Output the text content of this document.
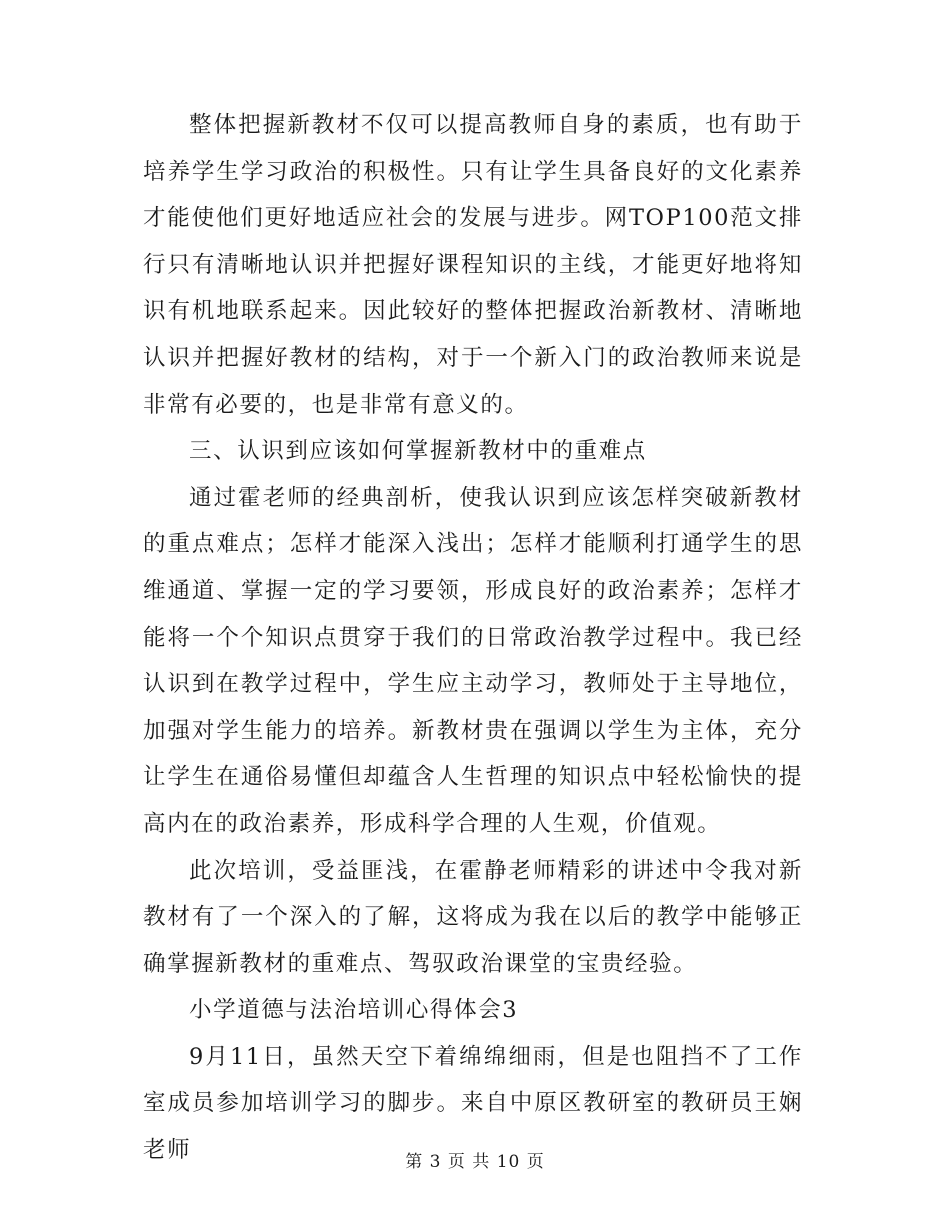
整体把握新教材不仅可以提高教师自身的素质，也有助于培养学生学习政治的积极性。只有让学生具备良好的文化素养才能使他们更好地适应社会的发展与进步。网TOP100范文排行只有清晰地认识并把握好课程知识的主线，才能更好地将知识有机地联系起来。因此较好的整体把握政治新教材、清晰地认识并把握好教材的结构，对于一个新入门的政治教师来说是非常有必要的，也是非常有意义的。

三、认识到应该如何掌握新教材中的重难点

通过霍老师的经典剖析，使我认识到应该怎样突破新教材的重点难点；怎样才能深入浅出；怎样才能顺利打通学生的思维通道、掌握一定的学习要领，形成良好的政治素养；怎样才能将一个个知识点贯穿于我们的日常政治教学过程中。我已经认识到在教学过程中，学生应主动学习，教师处于主导地位，加强对学生能力的培养。新教材贵在强调以学生为主体，充分让学生在通俗易懂但却蕴含人生哲理的知识点中轻松愉快的提高内在的政治素养，形成科学合理的人生观，价值观。

此次培训，受益匪浅，在霍静老师精彩的讲述中令我对新教材有了一个深入的了解，这将成为我在以后的教学中能够正确掌握新教材的重难点、驾驭政治课堂的宝贵经验。

小学道德与法治培训心得体会3

9月11日，虽然天空下着绵绵细雨，但是也阻挡不了工作室成员参加培训学习的脚步。来自中原区教研室的教研员王娴老师	第 3 页 共 10 页
